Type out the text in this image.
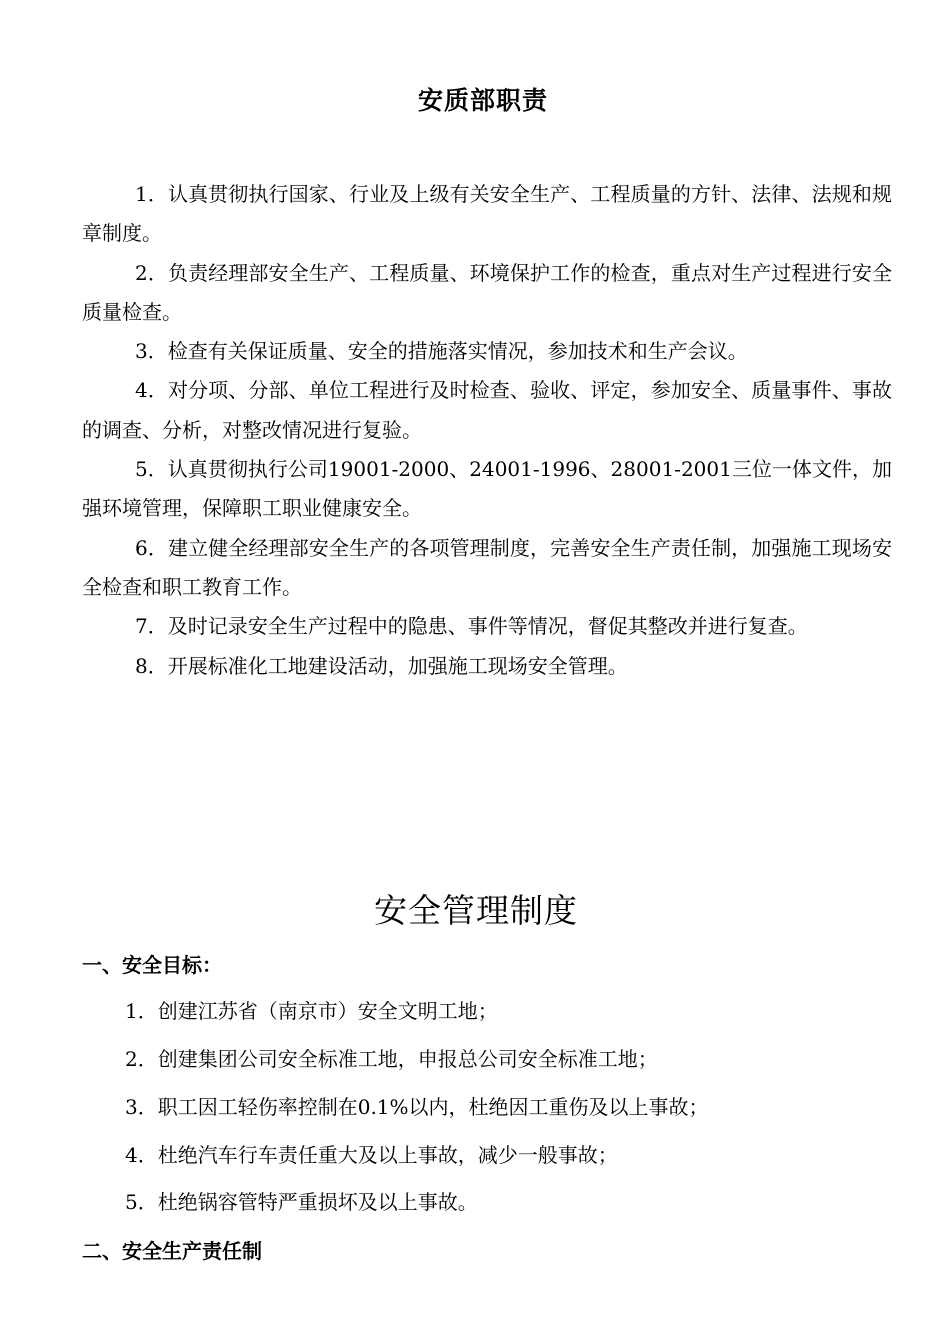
安质部职责

1．认真贯彻执行国家、行业及上级有关安全生产、工程质量的方针、法律、法规和规章制度。

2．负责经理部安全生产、工程质量、环境保护工作的检查，重点对生产过程进行安全质量检查。

3．检查有关保证质量、安全的措施落实情况，参加技术和生产会议。

4．对分项、分部、单位工程进行及时检查、验收、评定，参加安全、质量事件、事故的调查、分析，对整改情况进行复验。

5．认真贯彻执行公司19001-2000、24001-1996、28001-2001三位一体文件，加强环境管理，保障职工职业健康安全。

6．建立健全经理部安全生产的各项管理制度，完善安全生产责任制，加强施工现场安全检查和职工教育工作。

7．及时记录安全生产过程中的隐患、事件等情况，督促其整改并进行复查。

8．开展标准化工地建设活动，加强施工现场安全管理。

安全管理制度
一、安全目标：
1．创建江苏省（南京市）安全文明工地；
2．创建集团公司安全标准工地，申报总公司安全标准工地；
3．职工因工轻伤率控制在0.1%以内，杜绝因工重伤及以上事故；
4．杜绝汽车行车责任重大及以上事故，减少一般事故；
5．杜绝锅容管特严重损坏及以上事故。
二、安全生产责任制
